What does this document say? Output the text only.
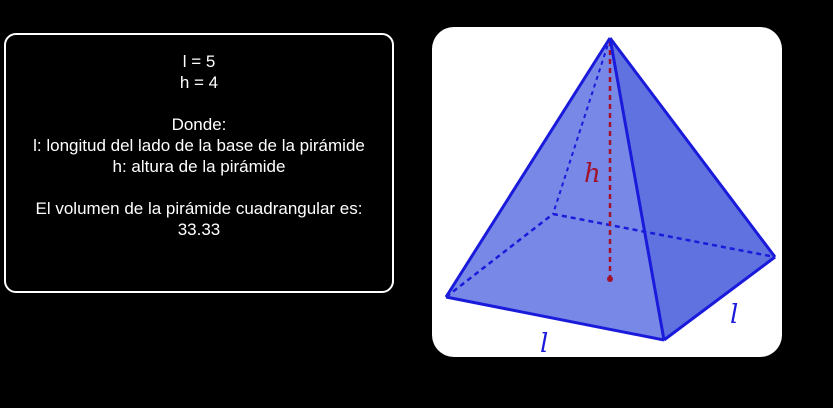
l = 5
h = 4
Donde:
l: longitud del lado de la base de la pirámide
h: altura de la pirámide
El volumen de la pirámide cuadrangular es: 33.33
h
l
l
